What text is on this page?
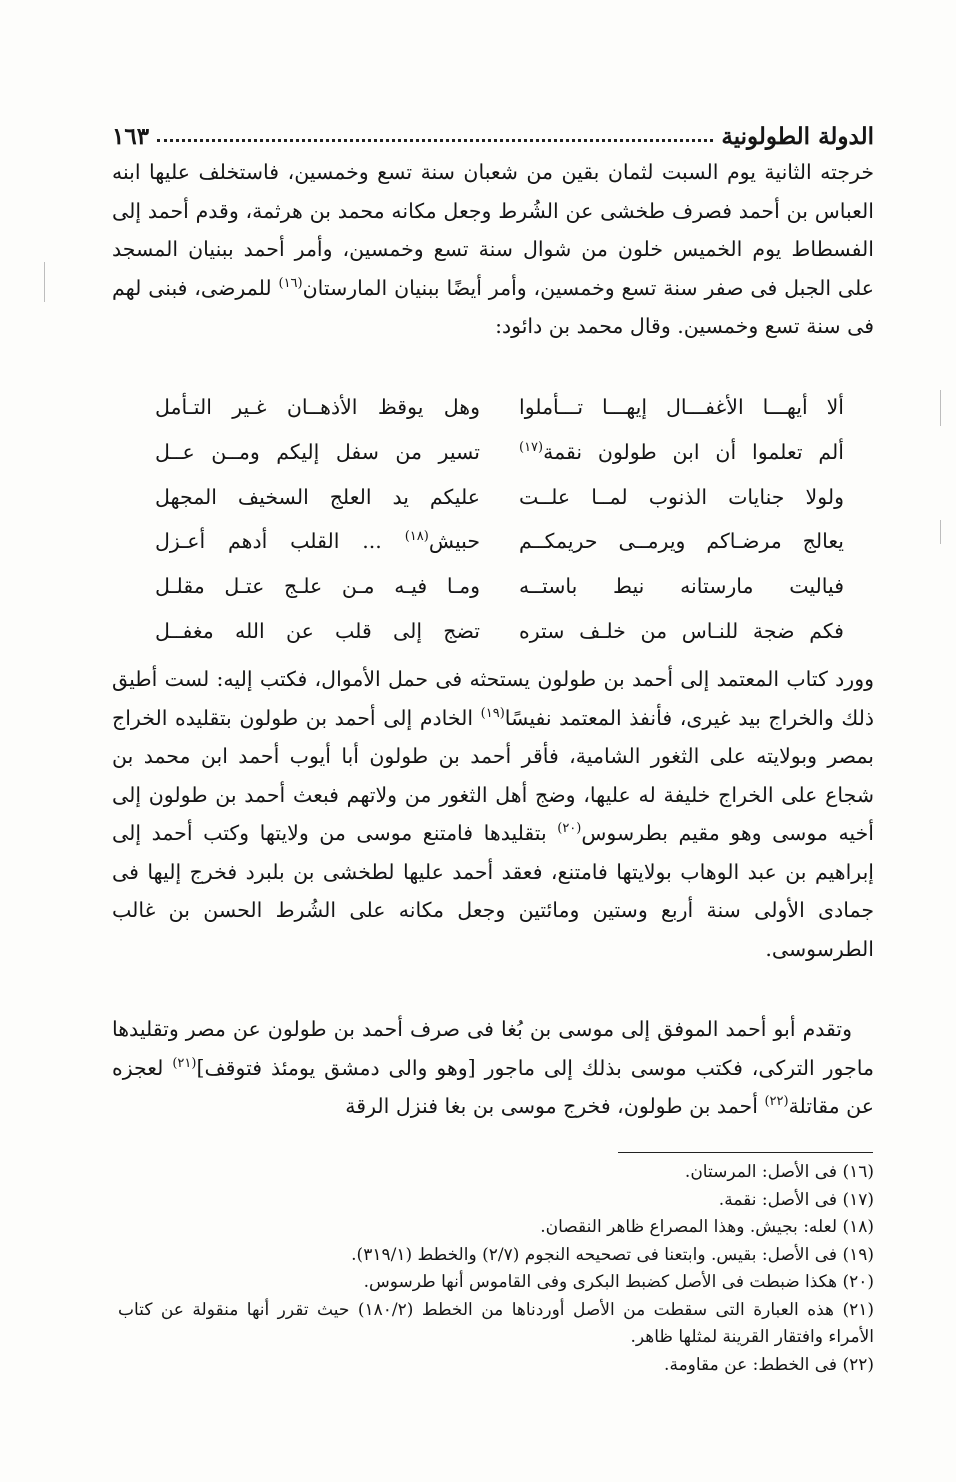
الدولة الطولونية
١٦٣

خرجته الثانية يوم السبت لثمان بقين من شعبان سنة تسع وخمسين، فاستخلف عليها ابنه العباس بن أحمد فصرف طخشى عن الشُرط وجعل مكانه محمد بن هرثمة، وقدم أحمد إلى الفسطاط يوم الخميس خلون من شوال سنة تسع وخمسين، وأمر أحمد ببنيان المسجد على الجبل فى صفر سنة تسع وخمسين، وأمر أيضًا ببنيان المارستان$^{(١٦)}$ للمرضى، فبنى لهم فى سنة تسع وخمسين. وقال محمد بن دائود:

ألا أيهـــا الأغفـــال إيهـــا تـــأملوا
وهل يوقظ الأذهــان غـير التـأمل
ألم تعلموا أن ابن طولون نقمة$^{(١٧)}$
تسير من سفل إليكم ومــن عــل
ولولا جنايات الذنوب لمــا علــت
عليكم يد العلج السخيف المجهل
يعالج مرضـاكم ويرمــى حريمكــم
حبيش$^{(١٨)}$ ... القلب أدهم أعـزل
فياليت مارستانه نيط باستــه
ومـا فيـه مـن علـج عتـل مقلـل
فكم ضجة للنـاس من خلـف ستره
تضج إلى قلب عن الله مغفــل

وورد كتاب المعتمد إلى أحمد بن طولون يستحثه فى حمل الأموال، فكتب إليه: لست أطيق ذلك والخراج بيد غيرى، فأنفذ المعتمد نفيسًا$^{(١٩)}$ الخادم إلى أحمد بن طولون بتقليده الخراج بمصر وبولايته على الثغور الشامية، فأقر أحمد بن طولون أبا أيوب أحمد ابن محمد بن شجاع على الخراج خليفة له عليها، وضج أهل الثغور من ولاتهم فبعث أحمد بن طولون إلى أخيه موسى وهو مقيم بطرسوس$^{(٢٠)}$ بتقليدها فامتنع موسى من ولايتها وكتب أحمد إلى إبراهيم بن عبد الوهاب بولايتها فامتنع، فعقد أحمد عليها لطخشى بن بلبرد فخرج إليها فى جمادى الأولى سنة أربع وستين ومائتين وجعل مكانه على الشُرط الحسن بن غالب الطرسوسى.

وتقدم أبو أحمد الموفق إلى موسى بن بُغا فى صرف أحمد بن طولون عن مصر وتقليدها ماجور التركى، فكتب موسى بذلك إلى ماجور [وهو والى دمشق يومئذ فتوقف]$^{(٢١)}$ لعجزه عن مقاتلة$^{(٢٢)}$ أحمد بن طولون، فخرج موسى بن بغا فنزل الرقة

(١٦) فى الأصل: المرستان.

(١٧) فى الأصل: نقمة.

(١٨) لعله: بجيش. وهذا المصراع ظاهر النقصان.

(١٩) فى الأصل: بقيس. وابتعنا فى تصحيحه النجوم (٢/٧) والخطط (٣١٩/١).

(٢٠) هكذا ضبطت فى الأصل كضبط البكرى وفى القاموس أنها طرسوس.

(٢١) هذه العبارة التى سقطت من الأصل أوردناها من الخطط (١٨٠/٢) حيث تقرر أنها منقولة عن كتاب الأمراء وافتقار القرينة لمثلها ظاهر.

(٢٢) فى الخطط: عن مقاومة.
